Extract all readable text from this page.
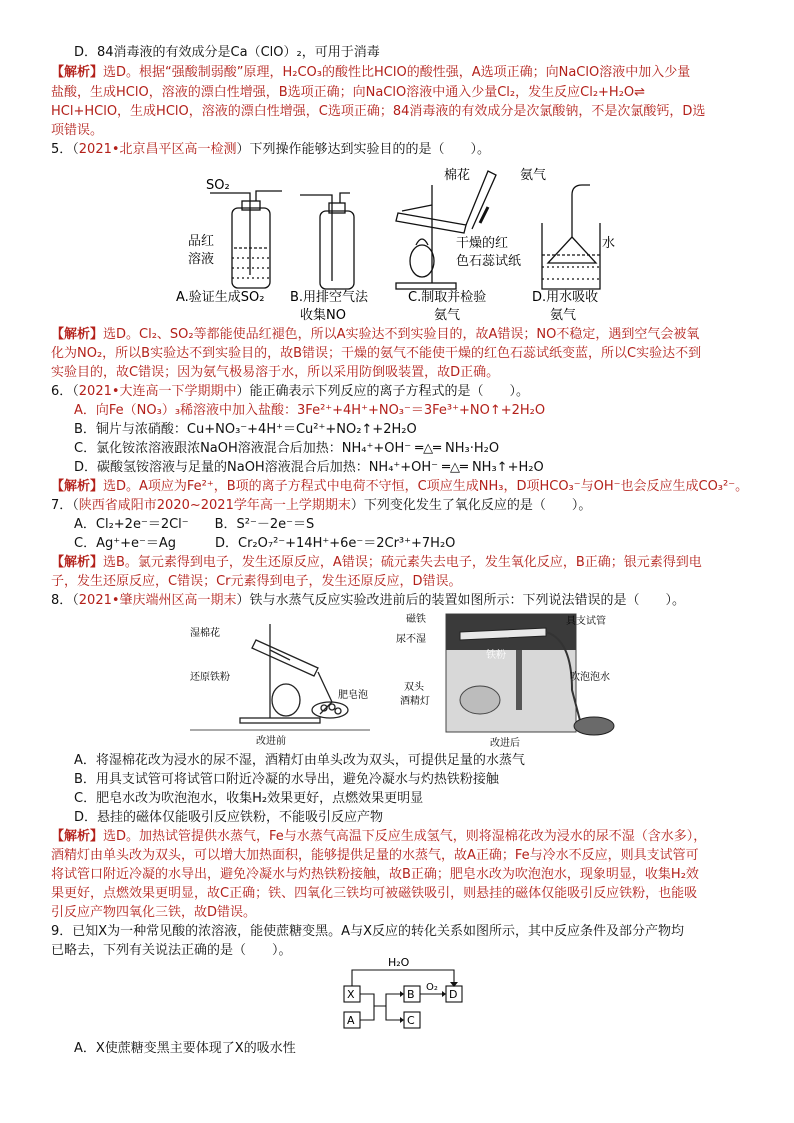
D．84消毒液的有效成分是Ca（ClO）₂，可用于消毒
【解析】选D。根据“强酸制弱酸”原理，H₂CO₃的酸性比HClO的酸性强，A选项正确；向NaClO溶液中加入少量
盐酸，生成HClO，溶液的漂白性增强，B选项正确；向NaClO溶液中通入少量Cl₂，发生反应Cl₂+H₂O⇌
HCl+HClO，生成HClO，溶液的漂白性增强，C选项正确；84消毒液的有效成分是次氯酸钠，不是次氯酸钙，D选
项错误。
5．（2021•北京昌平区高一检测）下列操作能够达到实验目的的是（　　）。
SO₂
品红
溶液
棉花	氨气
水
干燥的红
色石蕊试纸
A.验证生成SO₂ B.用排空气法
收集NO
C.制取并检验
氨气
D.用水吸收
氨气
【解析】选D。Cl₂、SO₂等都能使品红褪色，所以A实验达不到实验目的，故A错误；NO不稳定，遇到空气会被氧
化为NO₂，所以B实验达不到实验目的，故B错误；干燥的氨气不能使干燥的红色石蕊试纸变蓝，所以C实验达不到
实验目的，故C错误；因为氨气极易溶于水，所以采用防倒吸装置，故D正确。
6．（2021•大连高一下学期期中）能正确表示下列反应的离子方程式的是（　　）。
A．向Fe（NO₃）₃稀溶液中加入盐酸：3Fe²⁺+4H⁺+NO₃⁻＝3Fe³⁺+NO↑+2H₂O
B．铜片与浓硝酸：Cu+NO₃⁻+4H⁺＝Cu²⁺+NO₂↑+2H₂O
C．氯化铵浓溶液跟浓NaOH溶液混合后加热：NH₄⁺+OH⁻ ═△═ NH₃·H₂O
D．碳酸氢铵溶液与足量的NaOH溶液混合后加热：NH₄⁺+OH⁻ ═△═ NH₃↑+H₂O
【解析】选D。A项应为Fe²⁺，B项的离子方程式中电荷不守恒，C项应生成NH₃，D项HCO₃⁻与OH⁻也会反应生成CO₃²⁻。
7．（陕西省咸阳市2020~2021学年高一上学期期末）下列变化发生了氧化反应的是（　　）。
A．Cl₂+2e⁻＝2Cl⁻　　B．S²⁻－2e⁻＝S
C．Ag⁺+e⁻＝Ag　　　D．Cr₂O₇²⁻+14H⁺+6e⁻＝2Cr³⁺+7H₂O
【解析】选B。氯元素得到电子，发生还原反应，A错误；硫元素失去电子，发生氧化反应，B正确；银元素得到电
子，发生还原反应，C错误；Cr元素得到电子，发生还原反应，D错误。
8．（2021•肇庆端州区高一期末）铁与水蒸气反应实验改进前后的装置如图所示：下列说法错误的是（　　）。
湿棉花
还原铁粉
肥皂泡
改进前
磁铁
尿不湿
具支试管
铁粉
双头
酒精灯
吹泡泡水
改进后
A．将湿棉花改为浸水的尿不湿，酒精灯由单头改为双头，可提供足量的水蒸气
B．用具支试管可将试管口附近冷凝的水导出，避免冷凝水与灼热铁粉接触
C．肥皂水改为吹泡泡水，收集H₂效果更好，点燃效果更明显
D．悬挂的磁体仅能吸引反应铁粉，不能吸引反应产物
【解析】选D。加热试管提供水蒸气，Fe与水蒸气高温下反应生成氢气，则将湿棉花改为浸水的尿不湿（含水多），
酒精灯由单头改为双头，可以增大加热面积，能够提供足量的水蒸气，故A正确；Fe与冷水不反应，则具支试管可
将试管口附近冷凝的水导出，避免冷凝水与灼热铁粉接触，故B正确；肥皂水改为吹泡泡水，现象明显，收集H₂效
果更好，点燃效果更明显，故C正确；铁、四氧化三铁均可被磁铁吸引，则悬挂的磁体仅能吸引反应铁粉，也能吸
引反应产物四氧化三铁，故D错误。
9．已知X为一种常见酸的浓溶液，能使蔗糖变黑。A与X反应的转化关系如图所示，其中反应条件及部分产物均
已略去，下列有关说法正确的是（　　）。
H₂O
O₂
X
A
B
C
D
A．X使蔗糖变黑主要体现了X的吸水性
